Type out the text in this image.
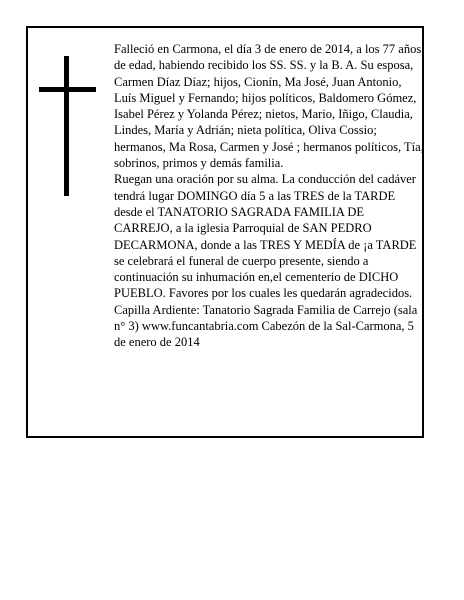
Falleció en Carmona, el día 3 de enero de 2014, a los 77 años de edad, habiendo recibido los SS. SS. y la B. A. Su esposa, Carmen Díaz Díaz; hijos, Cionín, Ma José, Juan Antonio, Luís Miguel y Fernando; hijos políticos, Baldomero Gómez, Isabel Pérez y Yolanda Pérez; nietos, Mario, Iñigo, Claudia, Lindes, María y Adrián; nieta política, Oliva Cossio; hermanos, Ma Rosa, Carmen y José ; hermanos políticos, Tía, sobrinos, primos y demás familia.

Ruegan una oración por su alma. La conducción del cadáver tendrá lugar DOMINGO día 5 a las TRES de la TARDE desde el TANATORIO SAGRADA FAMILIA DE CARREJO, a la iglesia Parroquial de SAN PEDRO DECARMONA, donde a las TRES Y MEDÍA de ¡a TARDE se celebrará el funeral de cuerpo presente, siendo a continuación su inhumación en,el cementerio de DICHO PUEBLO. Favores por los cuales les quedarán agradecidos. Capilla Ardiente: Tanatorio Sagrada Familia de Carrejo (sala n° 3) www.funcantabria.com Cabezón de la Sal-Carmona, 5 de enero de 2014
